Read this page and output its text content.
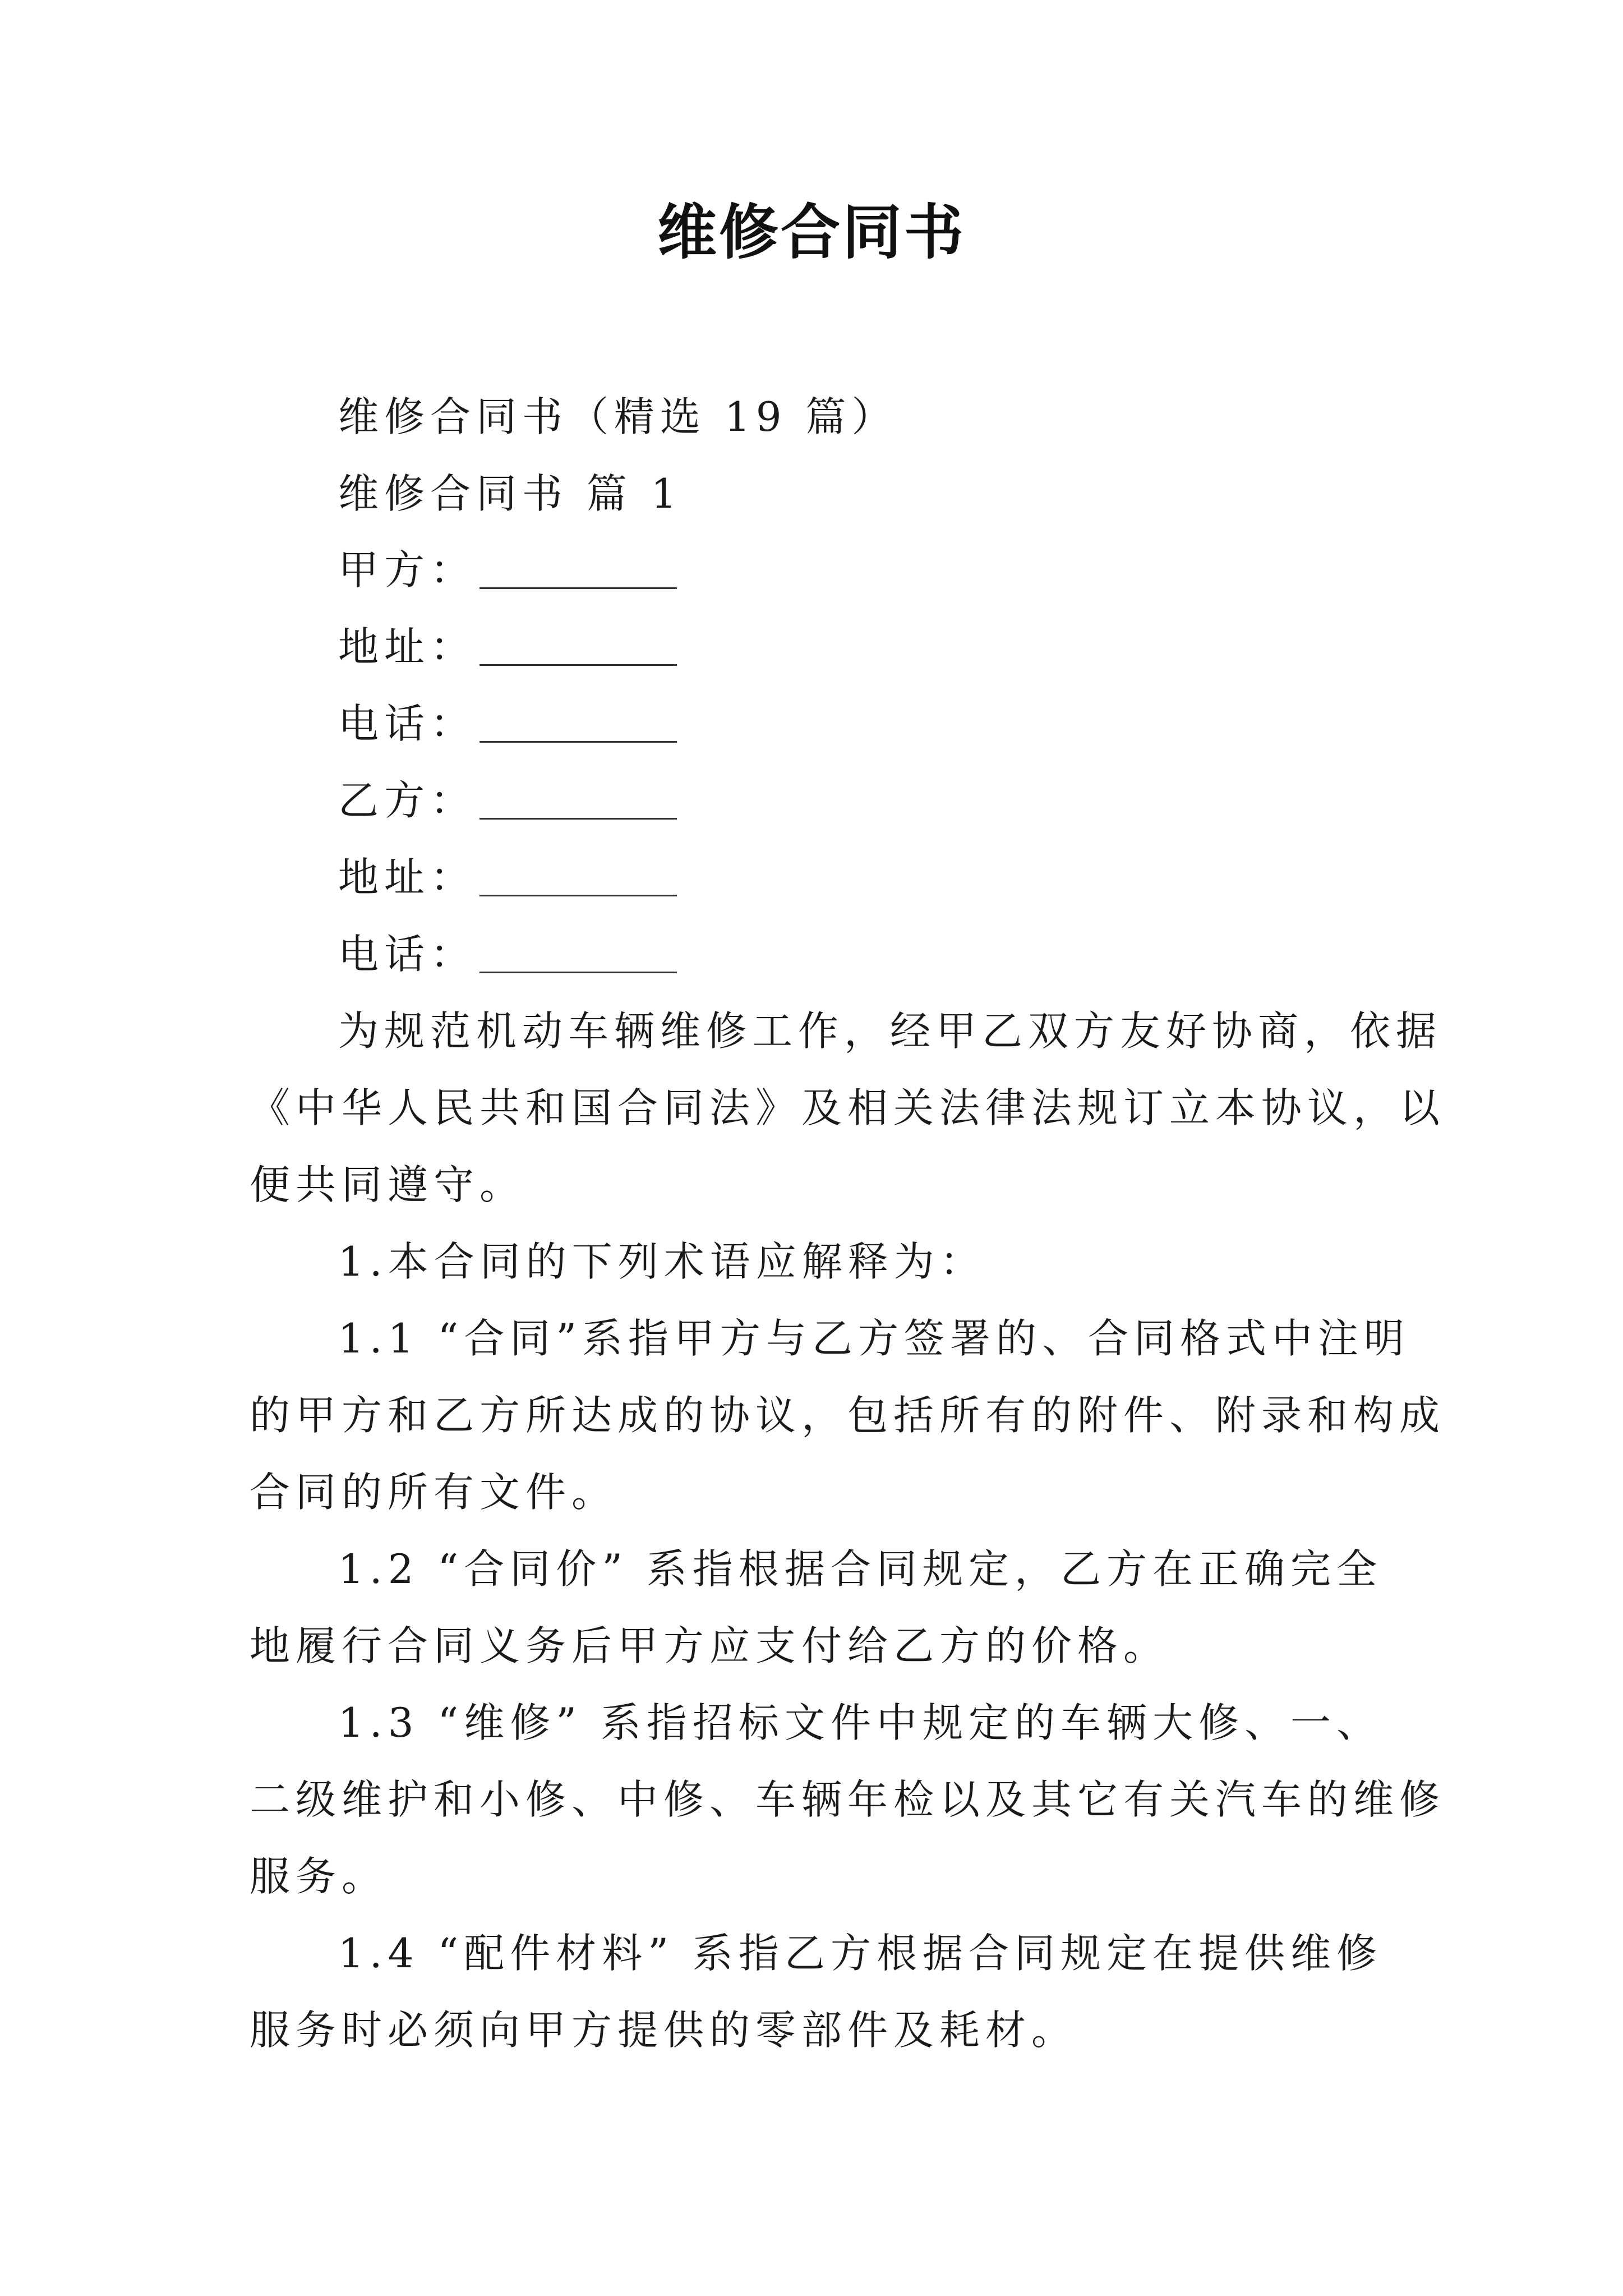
维修合同书
维修合同书（精选 19 篇）
维修合同书 篇 1
甲方：
地址：
电话：
乙方：
地址：
电话：
为规范机动车辆维修工作，经甲乙双方友好协商，依据
《中华人民共和国合同法》及相关法律法规订立本协议，以
便共同遵守。
1.本合同的下列术语应解释为：
1.1 “合同”系指甲方与乙方签署的、合同格式中注明
的甲方和乙方所达成的协议，包括所有的附件、附录和构成
合同的所有文件。
1.2 “合同价” 系指根据合同规定，乙方在正确完全
地履行合同义务后甲方应支付给乙方的价格。
1.3 “维修” 系指招标文件中规定的车辆大修、一、
二级维护和小修、中修、车辆年检以及其它有关汽车的维修
服务。
1.4 “配件材料” 系指乙方根据合同规定在提供维修
服务时必须向甲方提供的零部件及耗材。
